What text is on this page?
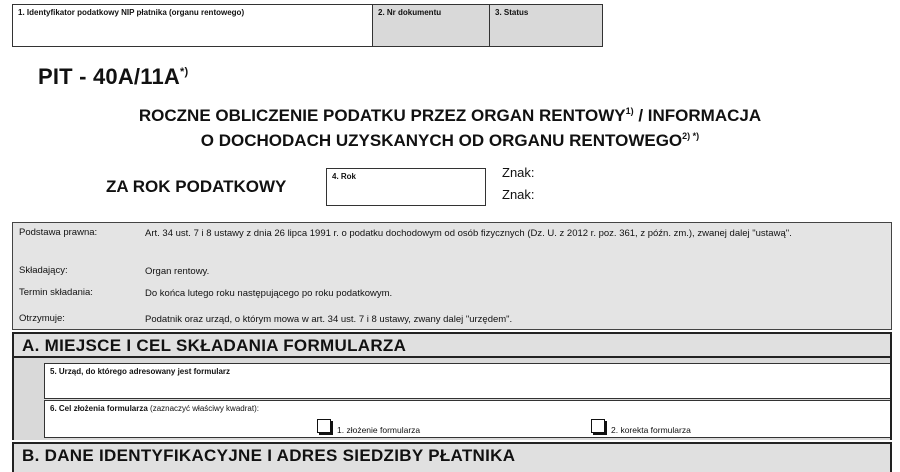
1. Identyfikator podatkowy NIP płatnika (organu rentowego)	2. Nr dokumentu	3. Status
PIT - 40A/11A*)
ROCZNE OBLICZENIE PODATKU PRZEZ ORGAN RENTOWY$^{1)}$ / INFORMACJA
O DOCHODACH UZYSKANYCH OD ORGANU $RENTOWEGO^{2) *)}$
ZA ROK PODATKOWY
4. Rok	Znak:
Znak:
Podstawa prawna:	Art. 34 ust. 7 i 8 ustawy z dnia 26 lipca 1991 r. o podatku dochodowym od osób fizycznych (Dz. U. z 2012 r. poz. 361, z późn. zm.), zwanej dalej "ustawą".
Składający:	Organ rentowy.
Termin składania:	Do końca lutego roku następującego po roku podatkowym.
Otrzymuje:	Podatnik oraz urząd, o którym mowa w art. 34 ust. 7 i 8 ustawy, zwany dalej "urzędem".
A. MIEJSCE I CEL SKŁADANIA FORMULARZA
5. Urząd, do którego adresowany jest formularz
6. Cel złożenia formularza (zaznaczyć właściwy kwadrat):
1. złożenie formularza	2. korekta formularza
B. DANE IDENTYFIKACYJNE I ADRES SIEDZIBY PŁATNIKA
